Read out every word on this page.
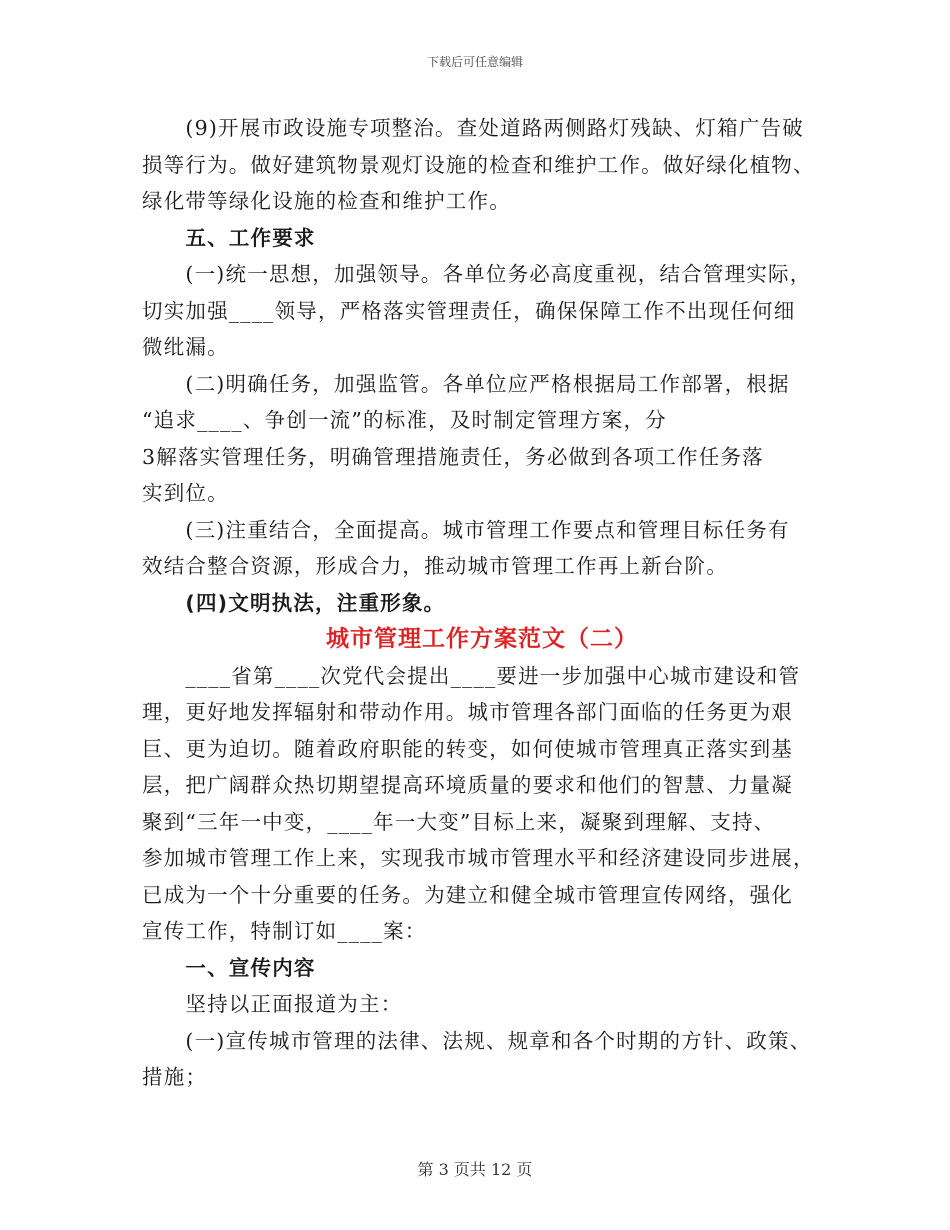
下载后可任意编辑

　　(9)开展市政设施专项整治。查处道路两侧路灯残缺、灯箱广告破

损等行为。做好建筑物景观灯设施的检查和维护工作。做好绿化植物、

绿化带等绿化设施的检查和维护工作。

　　五、工作要求

　　(一)统一思想，加强领导。各单位务必高度重视，结合管理实际，

切实加强____领导，严格落实管理责任，确保保障工作不出现任何细

微纰漏。

　　(二)明确任务，加强监管。各单位应严格根据局工作部署，根据

“追求____、争创一流”的标准，及时制定管理方案，分

3解落实管理任务，明确管理措施责任，务必做到各项工作任务落

实到位。

　　(三)注重结合，全面提高。城市管理工作要点和管理目标任务有

效结合整合资源，形成合力，推动城市管理工作再上新台阶。

　　(四)文明执法，注重形象。

城市管理工作方案范文（二）

　　____省第____次党代会提出____要进一步加强中心城市建设和管

理，更好地发挥辐射和带动作用。城市管理各部门面临的任务更为艰

巨、更为迫切。随着政府职能的转变，如何使城市管理真正落实到基

层，把广阔群众热切期望提高环境质量的要求和他们的智慧、力量凝

聚到“三年一中变，____年一大变”目标上来，凝聚到理解、支持、

参加城市管理工作上来，实现我市城市管理水平和经济建设同步进展，

已成为一个十分重要的任务。为建立和健全城市管理宣传网络，强化

宣传工作，特制订如____案：

　　一、宣传内容

　　坚持以正面报道为主：

　　(一)宣传城市管理的法律、法规、规章和各个时期的方针、政策、

措施；

第 3 页共 12 页
